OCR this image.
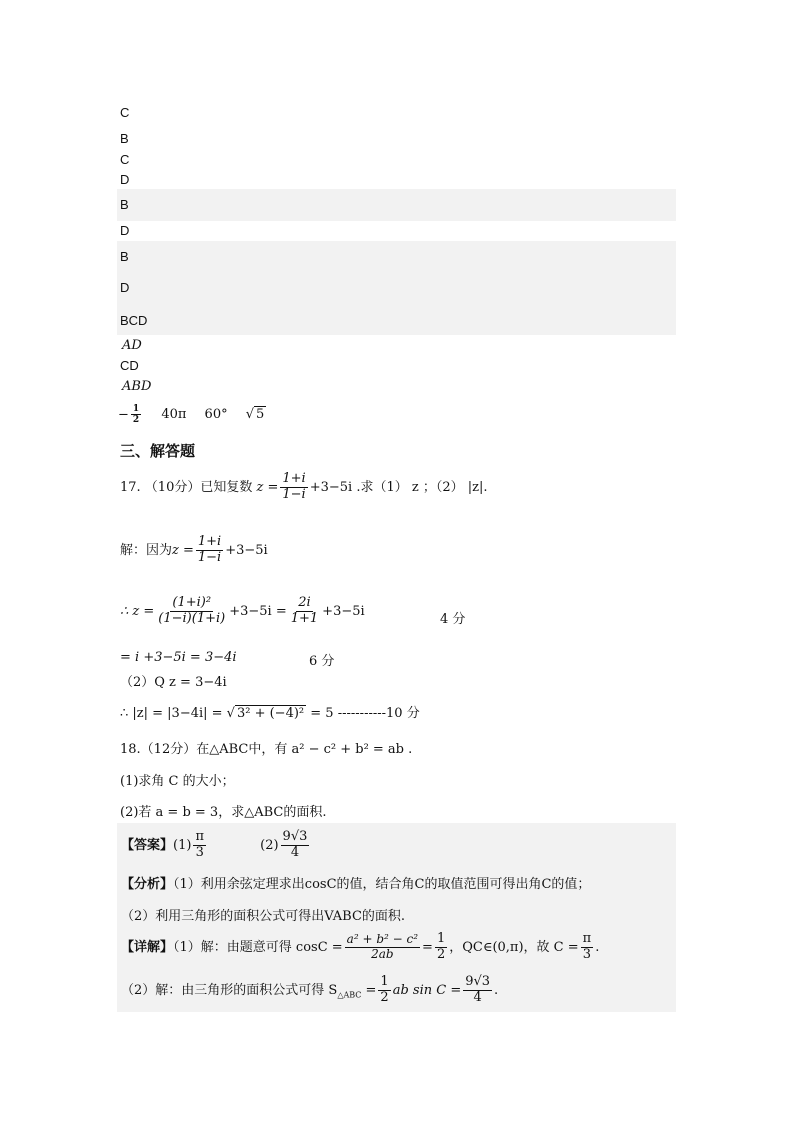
C
B
C
D
B
D
B
D
BCD
AD
CD
ABD
− $\frac{1}{2} 40\pi$ 60° √ 5
三、解答题
17. （10分）已知复数 $z = \frac{1+i}{1-i} +3-5i$ .求（1） z ；（2） |z|.
解：因为$z = \frac{1+i}{1-i} +3-5i$
∴ $z = \frac{\text{(1+i)²}}{(1-i)(1+i)} +3-5i = \frac{2i}{1+1} +3-5i$
4 分
= i +3−5i = 3−4i	6 分
（2）Q z = 3−4i
∴ |z| = |3−4i| = √ 3² + (−4)² = 5 -----------10 分
18.（12分）在△ABC中，有 a² − c² + b² = ab .
(1)求角 C 的大小；
(2)若 a = b = 3，求△ABC的面积.
【答案】$(1) \frac{\pi}{3}$	$(2) \frac{9√3}{4}$
【分析】（1）利用余弦定理求出cosC的值，结合角C的取值范围可得出角C的值；
（2）利用三角形的面积公式可得出VABC的面积.
【详解】（1）解：由题意可得 $\cos C = \frac{\text{a² + b² − c²}}{2ab} = \frac{1}{2}$ ，QC∈(0,π)，故 $C = \frac{\pi}{3}$ .
（2）解：由三角形的面积公式可得 $S_{\triangle ABC} = \frac{1}{2}$ ab $\sin C = \frac{9√3}{4}$ .
